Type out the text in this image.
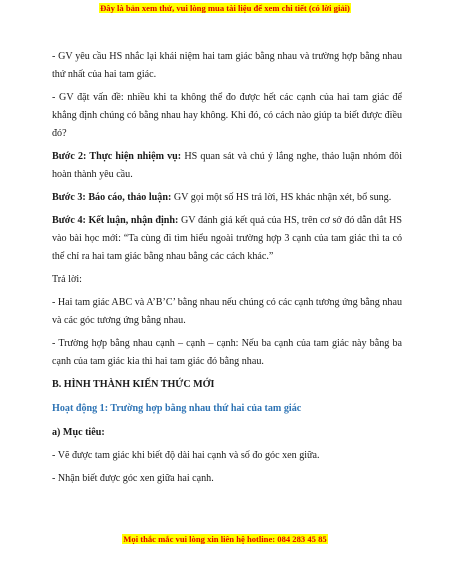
Đây là bản xem thử, vui lòng mua tài liệu để xem chi tiết (có lời giải)

- GV yêu cầu HS nhắc lại khái niệm hai tam giác bằng nhau và trường hợp bằng nhau thứ nhất của hai tam giác.

- GV đặt vấn đề: nhiều khi ta không thể đo được hết các cạnh của hai tam giác để khẳng định chúng có bằng nhau hay không. Khi đó, có cách nào giúp ta biết được điều đó?

Bước 2: Thực hiện nhiệm vụ: HS quan sát và chú ý lắng nghe, thảo luận nhóm đôi hoàn thành yêu cầu.

Bước 3: Báo cáo, thảo luận: GV gọi một số HS trả lời, HS khác nhận xét, bổ sung.

Bước 4: Kết luận, nhận định: GV đánh giá kết quả của HS, trên cơ sở đó dẫn dắt HS vào bài học mới: “Ta cùng đi tìm hiểu ngoài trường hợp 3 cạnh của tam giác thì ta có thể chỉ ra hai tam giác bằng nhau bằng các cách khác.”

Trả lời:

- Hai tam giác ABC và A’B’C’ bằng nhau nếu chúng có các cạnh tương ứng bằng nhau và các góc tương ứng bằng nhau.

- Trường hợp bằng nhau cạnh – cạnh – cạnh: Nếu ba cạnh của tam giác này bằng ba cạnh của tam giác kia thì hai tam giác đó bằng nhau.

B. HÌNH THÀNH KIẾN THỨC MỚI

Hoạt động 1: Trường hợp bằng nhau thứ hai của tam giác

a) Mục tiêu:

- Vẽ được tam giác khi biết độ dài hai cạnh và số đo góc xen giữa.

- Nhận biết được góc xen giữa hai cạnh.

Mọi thắc mắc vui lòng xin liên hệ hotline: 084 283 45 85
